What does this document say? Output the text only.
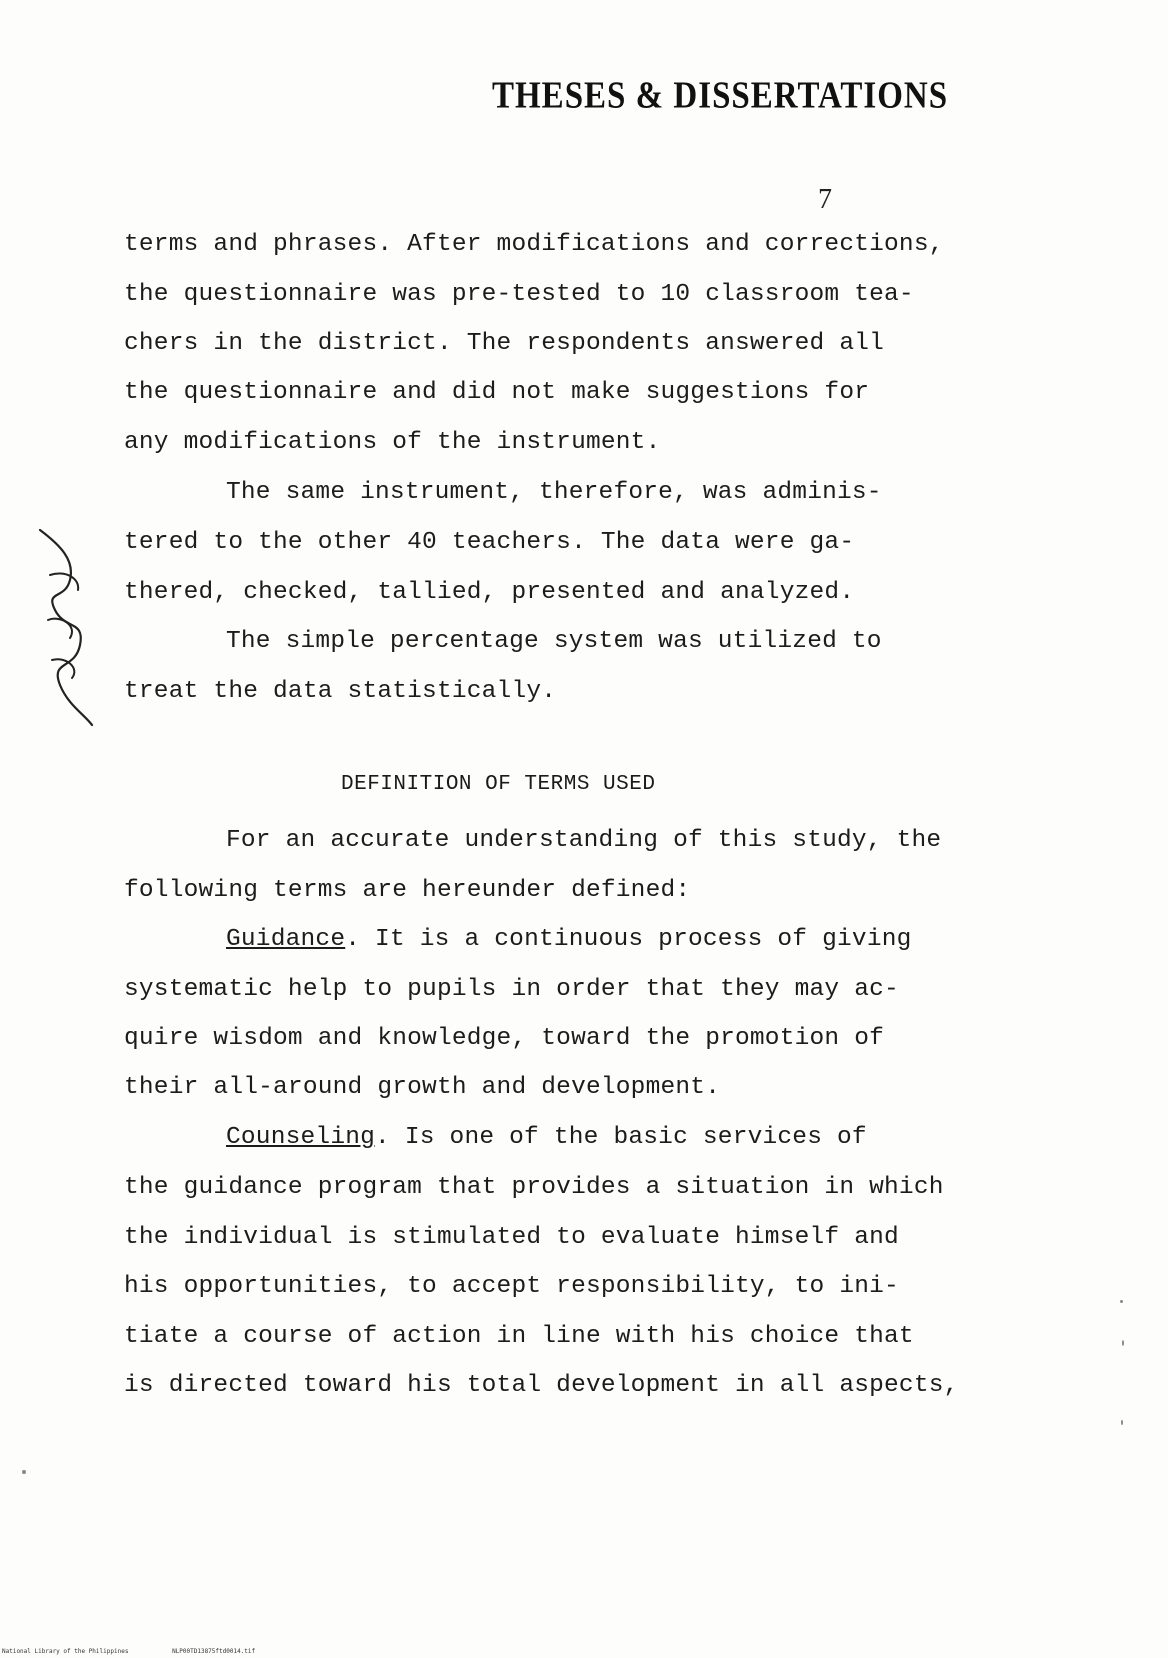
THESES & DISSERTATIONS
7
terms and phrases. After modifications and corrections,
the questionnaire was pre-tested to 10 classroom tea-
chers in the district. The respondents answered all
the questionnaire and did not make suggestions for
any modifications of the instrument.
The same instrument, therefore, was adminis-
tered to the other 40 teachers. The data were ga-
thered, checked, tallied, presented and analyzed.
The simple percentage system was utilized to
treat the data statistically.
DEFINITION OF TERMS USED
For an accurate understanding of this study, the
following terms are hereunder defined:
Guidance. It is a continuous process of giving
systematic help to pupils in order that they may ac-
quire wisdom and knowledge, toward the promotion of
their all-around growth and development.
Counseling. Is one of the basic services of
the guidance program that provides a situation in which
the individual is stimulated to evaluate himself and
his opportunities, to accept responsibility, to ini-
tiate a course of action in line with his choice that
is directed toward his total development in all aspects,
National Library of the Philippines	NLP00TD13875ftd0014.tif
